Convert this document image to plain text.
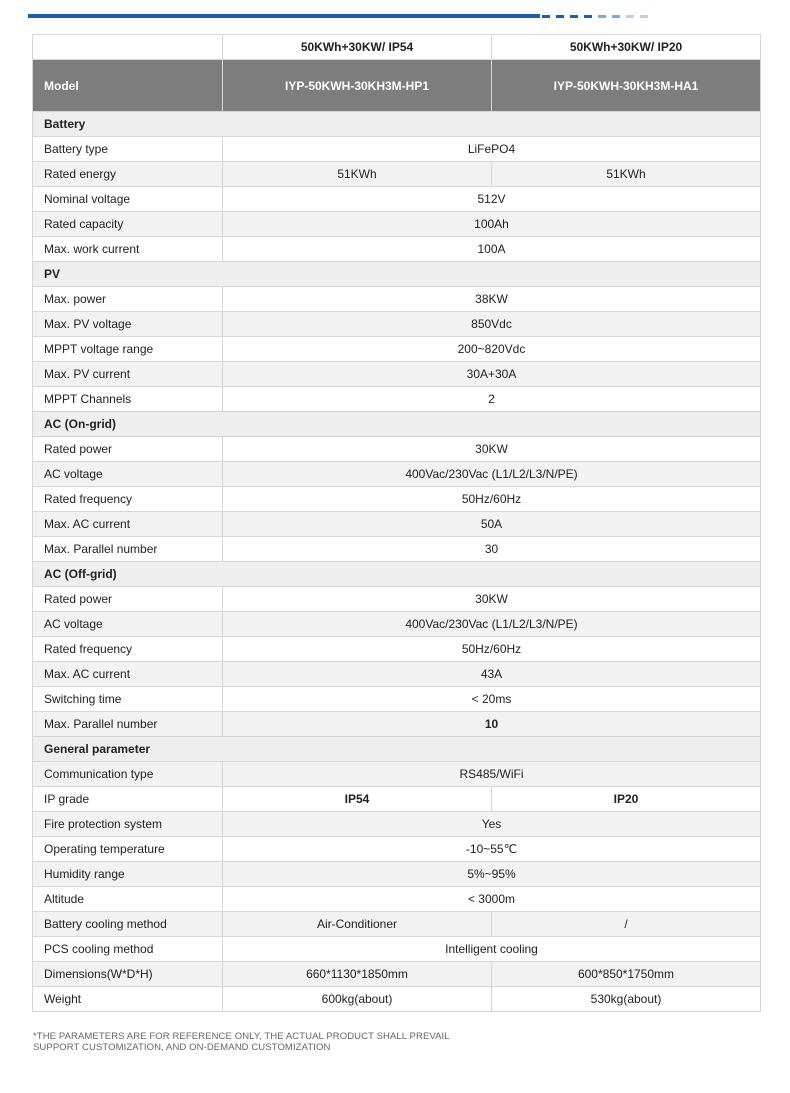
	50KWh+30KW/ IP54	50KWh+30KW/ IP20
Model	IYP-50KWH-30KH3M-HP1	IYP-50KWH-30KH3M-HA1
Battery		
Battery type	LiFePO4	
Rated energy	51KWh	51KWh
Nominal voltage	512V	
Rated capacity	100Ah	
Max. work current	100A	
PV		
Max. power	38KW	
Max. PV voltage	850Vdc	
MPPT voltage range	200~820Vdc	
Max. PV current	30A+30A	
MPPT Channels	2	
AC (On-grid)		
Rated power	30KW	
AC voltage	400Vac/230Vac (L1/L2/L3/N/PE)	
Rated frequency	50Hz/60Hz	
Max. AC current	50A	
Max. Parallel number	30	
AC (Off-grid)		
Rated power	30KW	
AC voltage	400Vac/230Vac (L1/L2/L3/N/PE)	
Rated frequency	50Hz/60Hz	
Max. AC current	43A	
Switching time	< 20ms	
Max. Parallel number	10	
General parameter		
Communication type	RS485/WiFi	
IP grade	IP54	IP20
Fire protection system	Yes	
Operating temperature	-10~55℃	
Humidity range	5%~95%	
Altitude	< 3000m	
Battery cooling method	Air-Conditioner	/
PCS cooling method	Intelligent cooling	
Dimensions(W*D*H)	660*1130*1850mm	600*850*1750mm
Weight	600kg(about)	530kg(about)
*THE PARAMETERS ARE FOR REFERENCE ONLY, THE ACTUAL PRODUCT SHALL PREVAIL
SUPPORT CUSTOMIZATION, AND ON-DEMAND CUSTOMIZATION
